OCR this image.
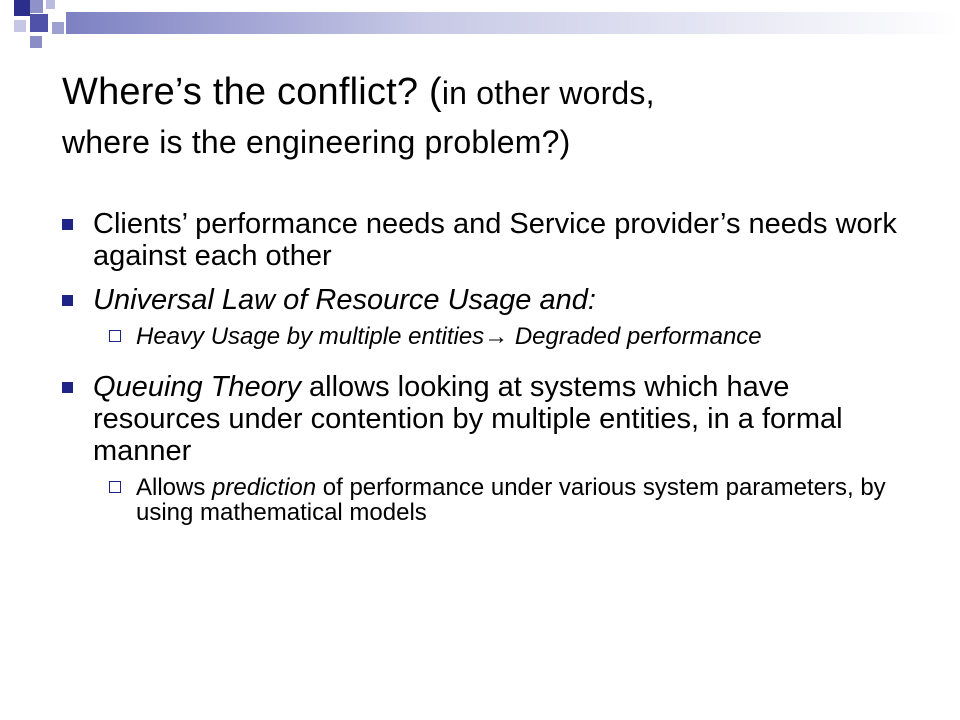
Where’s the conflict? (in other words,
where is the engineering problem?)
Clients’ performance needs and Service provider’s needs work against each other
Universal Law of Resource Usage and:
Heavy Usage by multiple entities→ Degraded performance
Queuing Theory allows looking at systems which have resources under contention by multiple entities, in a formal manner
Allows prediction of performance under various system parameters, by using mathematical models
